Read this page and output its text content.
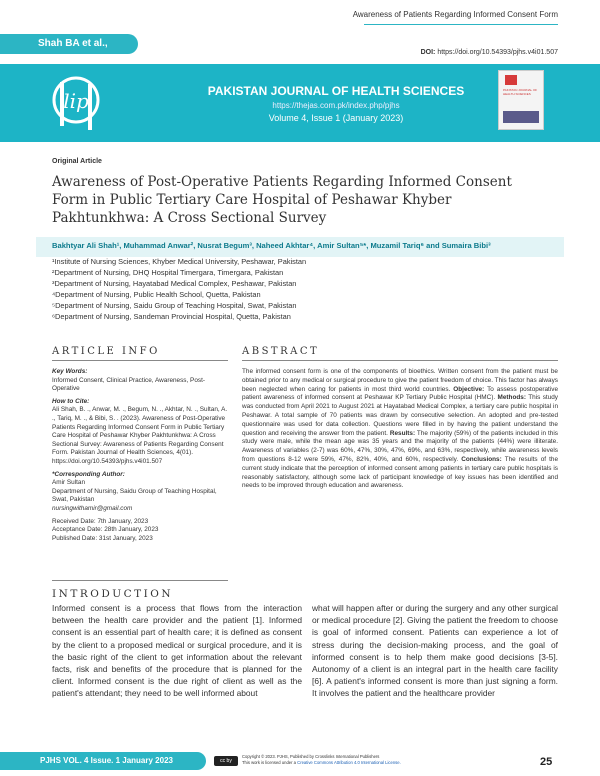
Awareness of Patients Regarding Informed Consent Form
Shah BA et al.,
DOI: https://doi.org/10.54393/pjhs.v4i01.507
lip	PAKISTAN JOURNAL OF HEALTH SCIENCES
https://thejas.com.pk/index.php/pjhs
Volume 4, Issue 1 (January 2023)
PAKISTAN JOURNAL OF HEALTH SCIENCES
Original Article
Awareness of Post-Operative Patients Regarding Informed Consent Form in Public Tertiary Care Hospital of Peshawar Khyber Pakhtunkhwa: A Cross Sectional Survey
Bakhtyar Ali Shah¹, Muhammad Anwar², Nusrat Begum³, Naheed Akhtar⁴, Amir Sultan⁵*, Muzamil Tariq⁶ and Sumaira Bibi³
¹Institute of Nursing Sciences, Khyber Medical University, Peshawar, Pakistan
²Department of Nursing, DHQ Hospital Timergara, Timergara, Pakistan
³Department of Nursing, Hayatabad Medical Complex, Peshawar, Pakistan
⁴Department of Nursing, Public Health School, Quetta, Pakistan
⁵Department of Nursing, Saidu Group of Teaching Hospital, Swat, Pakistan
⁶Department of Nursing, Sandeman Provincial Hospital, Quetta, Pakistan
ARTICLE INFO	ABSTRACT

Key Words:

Informed Consent, Clinical Practice, Awareness, Post-Operative

How to Cite:

Ali Shah, B. ., Anwar, M. ., Begum, N. ., Akhtar, N. ., Sultan, A. ., Tariq, M. ., & Bibi, S. . (2023). Awareness of Post-Operative Patients Regarding Informed Consent Form in Public Tertiary Care Hospital of Peshawar Khyber Pakhtunkhwa: A Cross Sectional Survey: Awareness of Patients Regarding Consent Form. Pakistan Journal of Health Sciences, 4(01). https://doi.org/10.54393/pjhs.v4i01.507

*Corresponding Author:

Amir Sultan

Department of Nursing, Saidu Group of Teaching Hospital, Swat, Pakistan

nursingwithamir@gmail.com

Received Date: 7th January, 2023

Acceptance Date: 28th January, 2023

Published Date: 31st January, 2023

The informed consent form is one of the components of bioethics. Written consent from the patient must be obtained prior to any medical or surgical procedure to give the patient freedom of choice. This factor has always been neglected when caring for patients in most third world countries. Objective: To assess postoperative patient awareness of informed consent at Peshawar KP Tertiary Public Hospital (HMC). Methods: This study was conducted from April 2021 to August 2021 at Hayatabad Medical Complex, a tertiary care public hospital in Peshawar. A total sample of 70 patients was drawn by consecutive selection. An adopted and pre-tested questionnaire was used for data collection. Questions were filled in by having the patient understand the question and receiving the answer from the patient. Results: The majority (59%) of the patients included in this study were male, while the mean age was 35 years and the majority of the patients (44%) were illiterate. Awareness of variables (2-7) was 60%, 47%, 30%, 47%, 69%, and 63%, respectively, while awareness levels from questions 8-12 were 59%, 47%, 82%, 40%, and 60%, respectively. Conclusions: The results of the current study indicate that the perception of informed consent among patients in tertiary care public hospitals is reasonably satisfactory, although some lack of participant knowledge of key issues has been identified and needs to be improved through education and awareness.

INTRODUCTION

Informed consent is a process that flows from the interaction between the health care provider and the patient [1]. Informed consent is an essential part of health care; it is defined as consent by the client to a proposed medical or surgical procedure, and it is the basic right of the client to get information about the relevant facts, risk and benefits of the procedure that is planned for the client. Informed consent is the due right of client as well as the patient's attendant; they need to be well informed about

what will happen after or during the surgery and any other surgical or medical procedure [2]. Giving the patient the freedom to choose is goal of informed consent. Patients can experience a lot of stress during the decision-making process, and the goal of informed consent is to help them make good decisions [3-5]. Autonomy of a client is an integral part in the health care facility [6]. A patient's informed consent is more than just signing a form. It involves the patient and the healthcare provider

PJHS VOL. 4 Issue. 1 January 2023	cc by
Copyright © 2023. PJHS, Published by Crosslinks International Publishers
This work is licensed under a Creative Commons Attribution 4.0 International License.	25
